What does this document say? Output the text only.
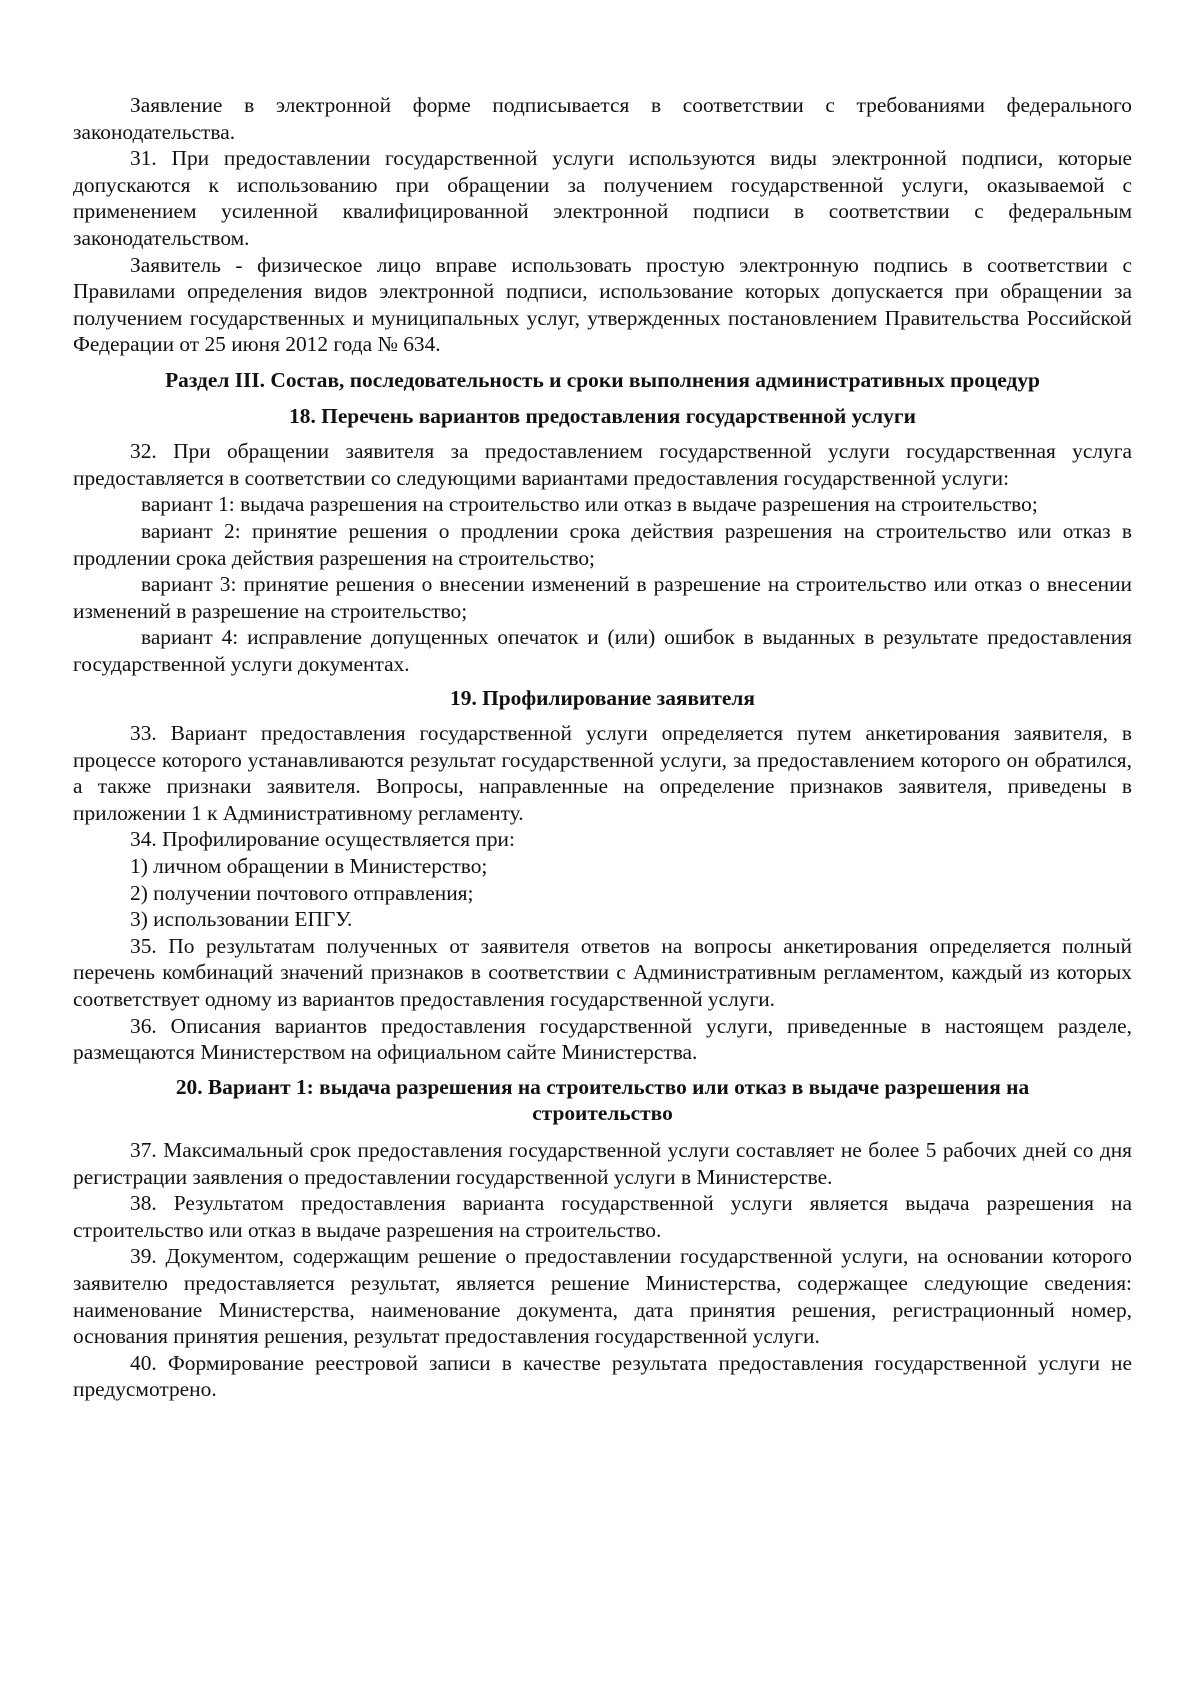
Заявление в электронной форме подписывается в соответствии с требованиями федерального законодательства.

31. При предоставлении государственной услуги используются виды электронной подписи, которые допускаются к использованию при обращении за получением государственной услуги, оказываемой с применением усиленной квалифицированной электронной подписи в соответствии с федеральным законодательством.

Заявитель - физическое лицо вправе использовать простую электронную подпись в соответствии с Правилами определения видов электронной подписи, использование которых допускается при обращении за получением государственных и муниципальных услуг, утвержденных постановлением Правительства Российской Федерации от 25 июня 2012 года № 634.

Раздел III. Состав, последовательность и сроки выполнения административных процедур
18. Перечень вариантов предоставления государственной услуги

32. При обращении заявителя за предоставлением государственной услуги государственная услуга предоставляется в соответствии со следующими вариантами предоставления государственной услуги:

вариант 1: выдача разрешения на строительство или отказ в выдаче разрешения на строительство;

вариант 2: принятие решения о продлении срока действия разрешения на строительство или отказ в продлении срока действия разрешения на строительство;

вариант 3: принятие решения о внесении изменений в разрешение на строительство или отказ о внесении изменений в разрешение на строительство;

вариант 4: исправление допущенных опечаток и (или) ошибок в выданных в результате предоставления государственной услуги документах.

19. Профилирование заявителя

33. Вариант предоставления государственной услуги определяется путем анкетирования заявителя, в процессе которого устанавливаются результат государственной услуги, за предоставлением которого он обратился, а также признаки заявителя. Вопросы, направленные на определение признаков заявителя, приведены в приложении 1 к Административному регламенту.

34. Профилирование осуществляется при:

1) личном обращении в Министерство;

2) получении почтового отправления;

3) использовании ЕПГУ.

35. По результатам полученных от заявителя ответов на вопросы анкетирования определяется полный перечень комбинаций значений признаков в соответствии с Административным регламентом, каждый из которых соответствует одному из вариантов предоставления государственной услуги.

36. Описания вариантов предоставления государственной услуги, приведенные в настоящем разделе, размещаются Министерством на официальном сайте Министерства.

20. Вариант 1: выдача разрешения на строительство или отказ в выдаче разрешения на
строительство

37. Максимальный срок предоставления государственной услуги составляет не более 5 рабочих дней со дня регистрации заявления о предоставлении государственной услуги в Министерстве.

38. Результатом предоставления варианта государственной услуги является выдача разрешения на строительство или отказ в выдаче разрешения на строительство.

39. Документом, содержащим решение о предоставлении государственной услуги, на основании которого заявителю предоставляется результат, является решение Министерства, содержащее следующие сведения: наименование Министерства, наименование документа, дата принятия решения, регистрационный номер, основания принятия решения, результат предоставления государственной услуги.

40. Формирование реестровой записи в качестве результата предоставления государственной услуги не предусмотрено.
